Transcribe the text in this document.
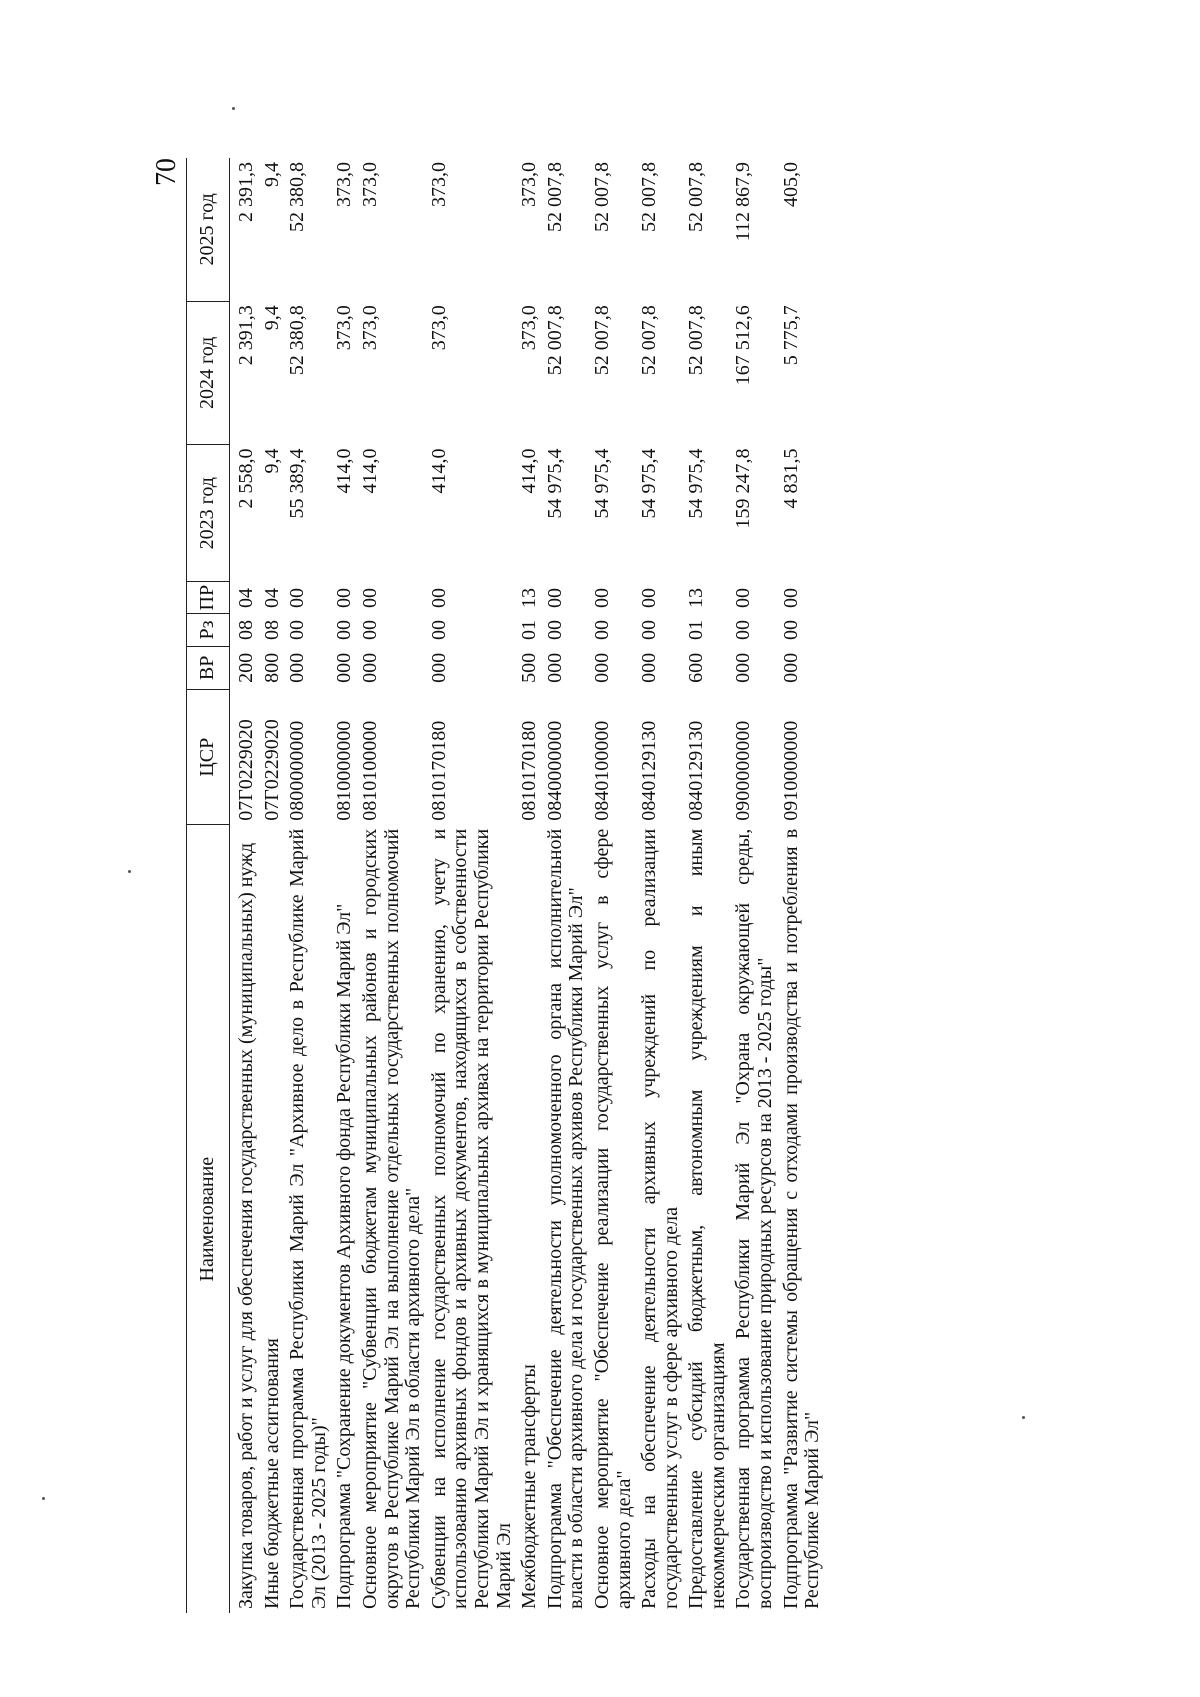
70
Наименование	ЦСР	ВР	Рз	ПР	2023 год	2024 год	2025 год
Закупка товаров, работ и услуг для обеспечения государственных (муниципальных) нужд	07Г0229020	200	08	04	2 558,0	2 391,3	2 391,3
Иные бюджетные ассигнования	07Г0229020	800	08	04	9,4	9,4	9,4
Государственная программа Республики Марий Эл "Архивное дело в Республике Марий Эл (2013 - 2025 годы)"	0800000000	000	00	00	55 389,4	52 380,8	52 380,8
Подпрограмма "Сохранение документов Архивного фонда Республики Марий Эл"	0810000000	000	00	00	414,0	373,0	373,0
Основное мероприятие "Субвенции бюджетам муниципальных районов и городских округов в Республике Марий Эл на выполнение отдельных государственных полномочий Республики Марий Эл в области архивного дела"	0810100000	000	00	00	414,0	373,0	373,0
Субвенции на исполнение государственных полномочий по хранению, учету и использованию архивных фондов и архивных документов, находящихся в собственности Республики Марий Эл и хранящихся в муниципальных архивах на территории Республики Марий Эл	0810170180	000	00	00	414,0	373,0	373,0
Межбюджетные трансферты	0810170180	500	01	13	414,0	373,0	373,0
Подпрограмма "Обеспечение деятельности уполномоченного органа исполнительной власти в области архивного дела и государственных архивов Республики Марий Эл"	0840000000	000	00	00	54 975,4	52 007,8	52 007,8
Основное мероприятие "Обеспечение реализации государственных услуг в сфере архивного дела"	0840100000	000	00	00	54 975,4	52 007,8	52 007,8
Расходы на обеспечение деятельности архивных учреждений по реализации государственных услуг в сфере архивного дела	0840129130	000	00	00	54 975,4	52 007,8	52 007,8
Предоставление субсидий бюджетным, автономным учреждениям и иным некоммерческим организациям	0840129130	600	01	13	54 975,4	52 007,8	52 007,8
Государственная программа Республики Марий Эл "Охрана окружающей среды, воспроизводство и использование природных ресурсов на 2013 - 2025 годы"	0900000000	000	00	00	159 247,8	167 512,6	112 867,9
Подпрограмма "Развитие системы обращения с отходами производства и потребления в Республике Марий Эл"	0910000000	000	00	00	4 831,5	5 775,7	405,0
